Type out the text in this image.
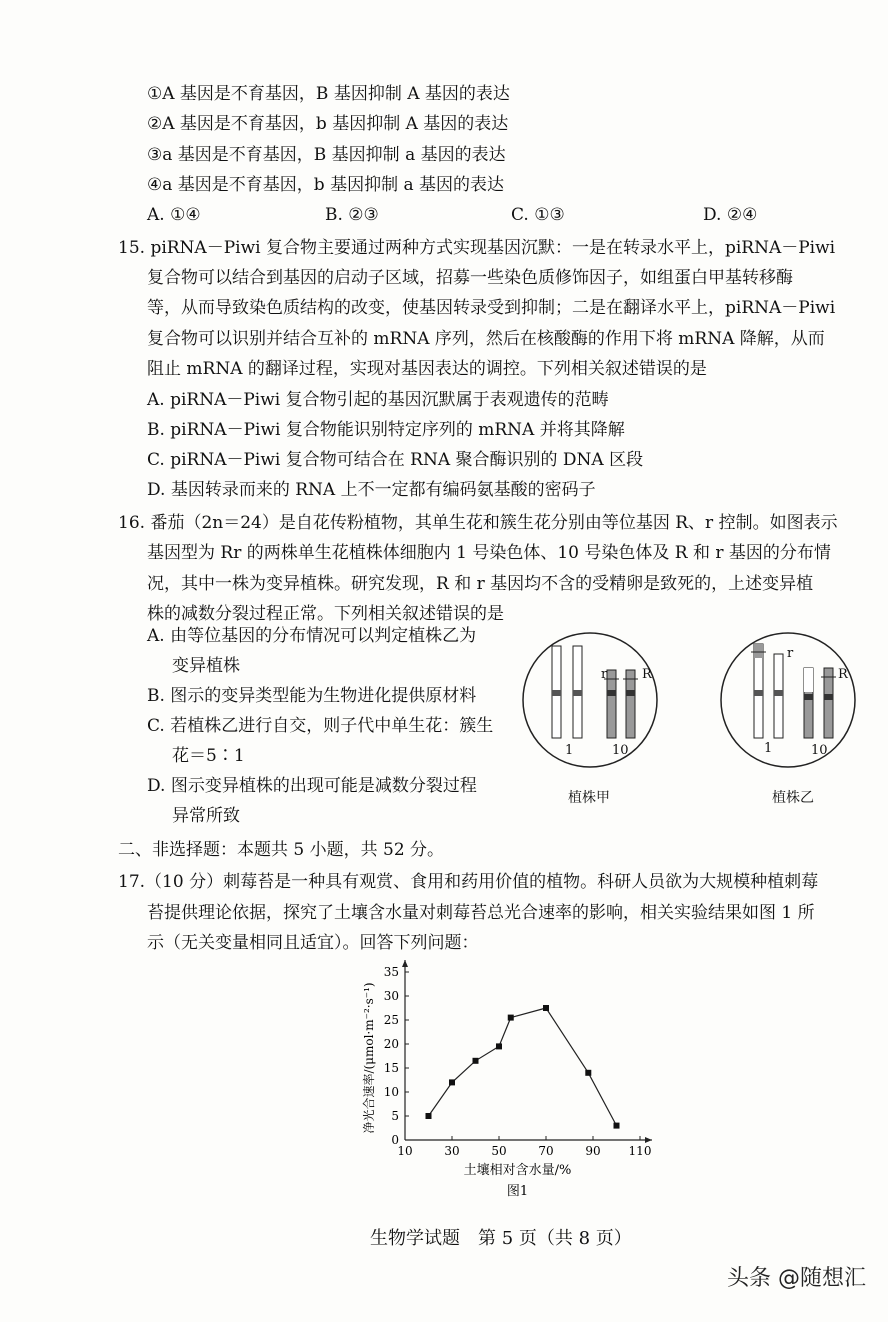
①A 基因是不育基因，B 基因抑制 A 基因的表达
②A 基因是不育基因，b 基因抑制 A 基因的表达
③a 基因是不育基因，B 基因抑制 a 基因的表达
④a 基因是不育基因，b 基因抑制 a 基因的表达
A. ①④	B. ②③	C. ①③	D. ②④
15. piRNA－Piwi 复合物主要通过两种方式实现基因沉默：一是在转录水平上，piRNA－Piwi
复合物可以结合到基因的启动子区域，招募一些染色质修饰因子，如组蛋白甲基转移酶
等，从而导致染色质结构的改变，使基因转录受到抑制；二是在翻译水平上，piRNA－Piwi
复合物可以识别并结合互补的 mRNA 序列，然后在核酸酶的作用下将 mRNA 降解，从而
阻止 mRNA 的翻译过程，实现对基因表达的调控。下列相关叙述错误的是
A. piRNA－Piwi 复合物引起的基因沉默属于表观遗传的范畴
B. piRNA－Piwi 复合物能识别特定序列的 mRNA 并将其降解
C. piRNA－Piwi 复合物可结合在 RNA 聚合酶识别的 DNA 区段
D. 基因转录而来的 RNA 上不一定都有编码氨基酸的密码子
16. 番茄（2n＝24）是自花传粉植物，其单生花和簇生花分别由等位基因 R、r 控制。如图表示
基因型为 Rr 的两株单生花植株体细胞内 1 号染色体、10 号染色体及 R 和 r 基因的分布情
况，其中一株为变异植株。研究发现，R 和 r 基因均不含的受精卵是致死的，上述变异植
株的减数分裂过程正常。下列相关叙述错误的是
A. 由等位基因的分布情况可以判定植株乙为
变异植株
B. 图示的变异类型能为生物进化提供原材料
C. 若植株乙进行自交，则子代中单生花：簇生
花＝5∶1
D. 图示变异植株的出现可能是减数分裂过程
异常所致
r	R
1	10
植株甲
r
R
1	10
植株乙
二、非选择题：本题共 5 小题，共 52 分。
17.（10 分）刺莓苔是一种具有观赏、食用和药用价值的植物。科研人员欲为大规模种植刺莓
苔提供理论依据，探究了土壤含水量对刺莓苔总光合速率的影响，相关实验结果如图 1 所
示（无关变量相同且适宜）。回答下列问题：
10	30	50	70	90 110
0
5
10
15
20
25
30
35
土壤相对含水量/%
净光合速率/(μmol·m⁻²·s⁻¹)
图1
生物学试题　第 5 页（共 8 页）
头条 @随想汇
